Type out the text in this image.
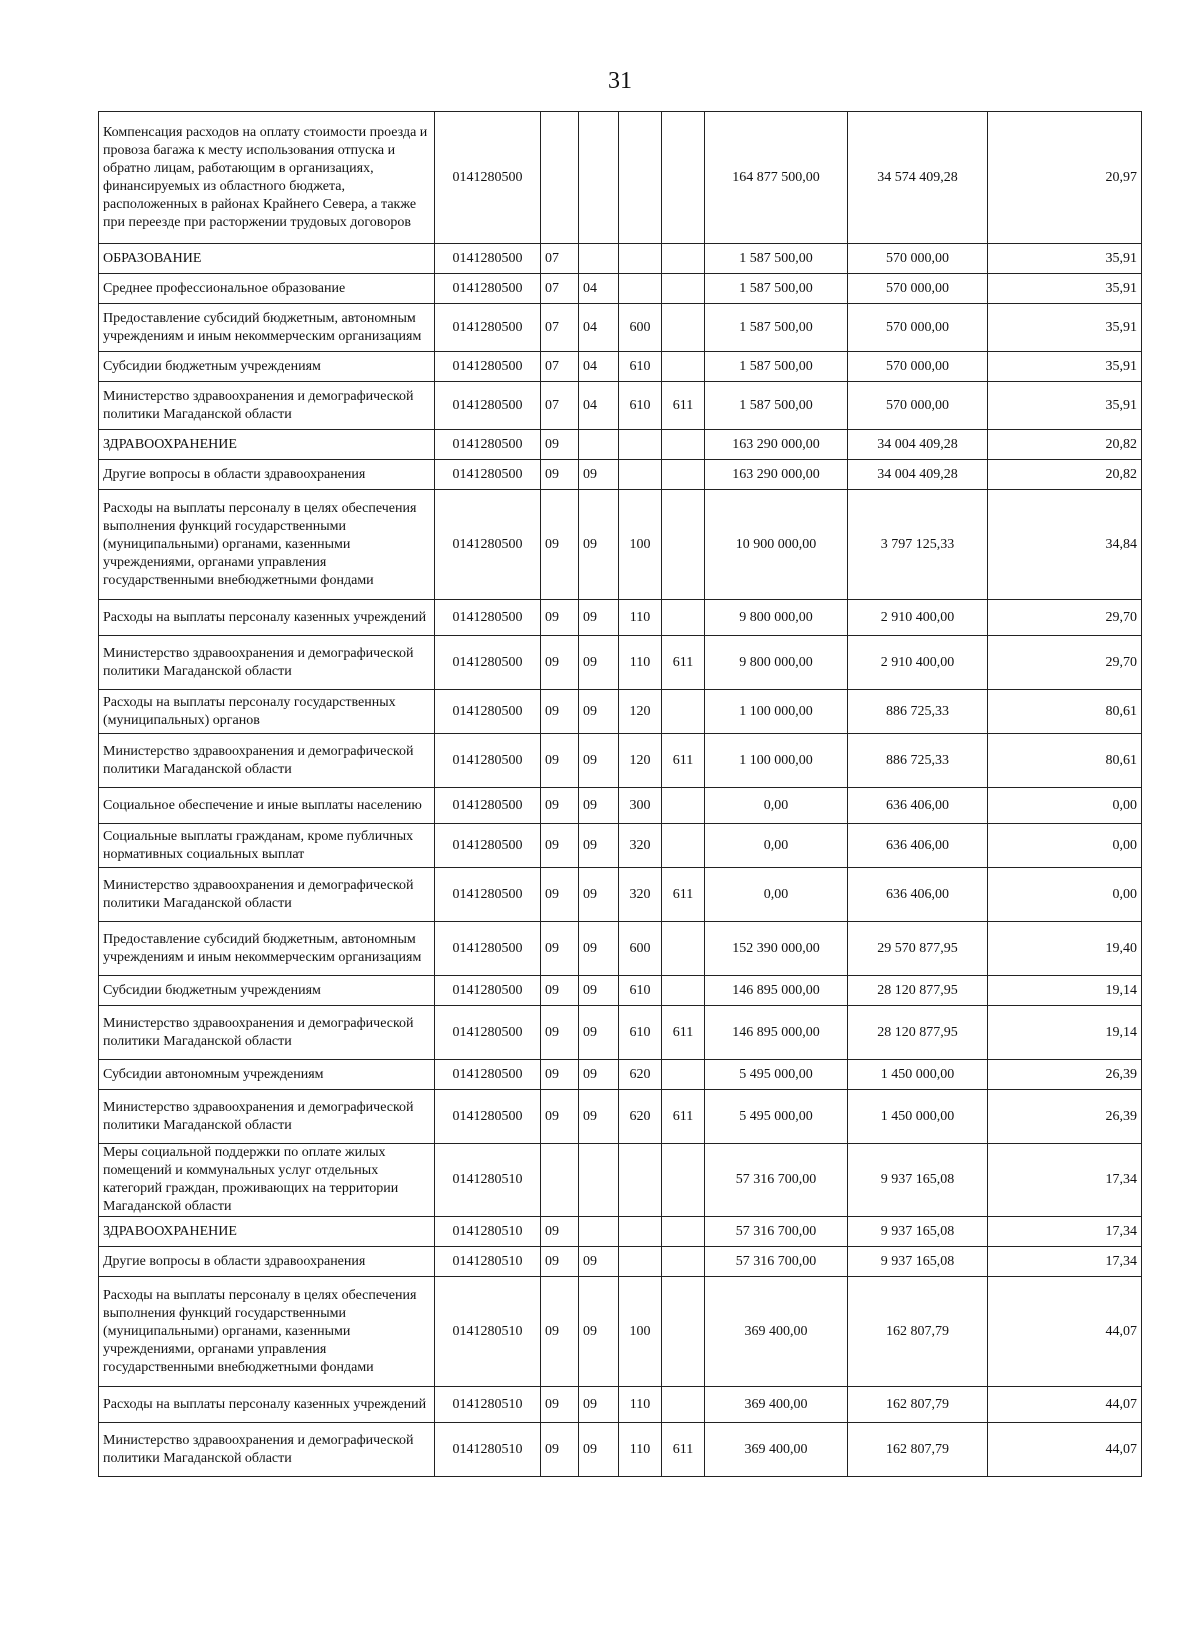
31
Компенсация расходов на оплату стоимости проезда и провоза багажа к месту использования отпуска и обратно лицам, работающим в организациях, финансируемых из областного бюджета, расположенных в районах Крайнего Севера, а также при переезде при расторжении трудовых договоров	0141280500					164 877 500,00	34 574 409,28	20,97
ОБРАЗОВАНИЕ	0141280500	07				1 587 500,00	570 000,00	35,91
Среднее профессиональное образование	0141280500	07	04			1 587 500,00	570 000,00	35,91
Предоставление субсидий бюджетным, автономным учреждениям и иным некоммерческим организациям	0141280500	07	04	600		1 587 500,00	570 000,00	35,91
Субсидии бюджетным учреждениям	0141280500	07	04	610		1 587 500,00	570 000,00	35,91
Министерство здравоохранения и демографической политики Магаданской области	0141280500	07	04	610	611	1 587 500,00	570 000,00	35,91
ЗДРАВООХРАНЕНИЕ	0141280500	09				163 290 000,00	34 004 409,28	20,82
Другие вопросы в области здравоохранения	0141280500	09	09			163 290 000,00	34 004 409,28	20,82
Расходы на выплаты персоналу в целях обеспечения выполнения функций государственными (муниципальными) органами, казенными учреждениями, органами управления государственными внебюджетными фондами	0141280500	09	09	100		10 900 000,00	3 797 125,33	34,84
Расходы на выплаты персоналу казенных учреждений	0141280500	09	09	110		9 800 000,00	2 910 400,00	29,70
Министерство здравоохранения и демографической политики Магаданской области	0141280500	09	09	110	611	9 800 000,00	2 910 400,00	29,70
Расходы на выплаты персоналу государственных (муниципальных) органов	0141280500	09	09	120		1 100 000,00	886 725,33	80,61
Министерство здравоохранения и демографической политики Магаданской области	0141280500	09	09	120	611	1 100 000,00	886 725,33	80,61
Социальное обеспечение и иные выплаты населению	0141280500	09	09	300		0,00	636 406,00	0,00
Социальные выплаты гражданам, кроме публичных нормативных социальных выплат	0141280500	09	09	320		0,00	636 406,00	0,00
Министерство здравоохранения и демографической политики Магаданской области	0141280500	09	09	320	611	0,00	636 406,00	0,00
Предоставление субсидий бюджетным, автономным учреждениям и иным некоммерческим организациям	0141280500	09	09	600		152 390 000,00	29 570 877,95	19,40
Субсидии бюджетным учреждениям	0141280500	09	09	610		146 895 000,00	28 120 877,95	19,14
Министерство здравоохранения и демографической политики Магаданской области	0141280500	09	09	610	611	146 895 000,00	28 120 877,95	19,14
Субсидии автономным учреждениям	0141280500	09	09	620		5 495 000,00	1 450 000,00	26,39
Министерство здравоохранения и демографической политики Магаданской области	0141280500	09	09	620	611	5 495 000,00	1 450 000,00	26,39
Меры социальной поддержки по оплате жилых помещений и коммунальных услуг отдельных категорий граждан, проживающих на территории Магаданской области	0141280510					57 316 700,00	9 937 165,08	17,34
ЗДРАВООХРАНЕНИЕ	0141280510	09				57 316 700,00	9 937 165,08	17,34
Другие вопросы в области здравоохранения	0141280510	09	09			57 316 700,00	9 937 165,08	17,34
Расходы на выплаты персоналу в целях обеспечения выполнения функций государственными (муниципальными) органами, казенными учреждениями, органами управления государственными внебюджетными фондами	0141280510	09	09	100		369 400,00	162 807,79	44,07
Расходы на выплаты персоналу казенных учреждений	0141280510	09	09	110		369 400,00	162 807,79	44,07
Министерство здравоохранения и демографической политики Магаданской области	0141280510	09	09	110	611	369 400,00	162 807,79	44,07
